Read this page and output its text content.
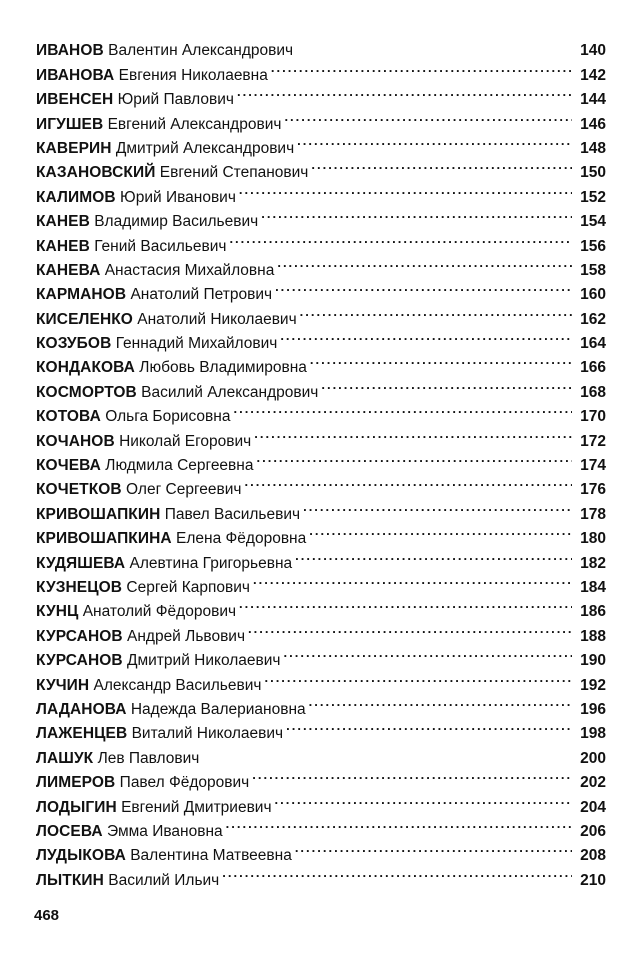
ИВАНОВ Валентин Александрович	140
ИВАНОВА Евгения Николаевна .....	142
ИВЕНСЕН Юрий Павлович .....	144
ИГУШЕВ Евгений Александрович .....	146
КАВЕРИН Дмитрий Александрович .....	148
КАЗАНОВСКИЙ Евгений Степанович .....	150
КАЛИМОВ Юрий Иванович .....	152
КАНЕВ Владимир Васильевич .....	154
КАНЕВ Гений Васильевич .....	156
КАНЕВА Анастасия Михайловна .....	158
КАРМАНОВ Анатолий Петрович .....	160
КИСЕЛЕНКО Анатолий Николаевич .....	162
КОЗУБОВ Геннадий Михайлович .....	164
КОНДАКОВА Любовь Владимировна .....	166
КОСМОРТОВ Василий Александрович .....	168
КОТОВА Ольга Борисовна .....	170
КОЧАНОВ Николай Егорович .....	172
КОЧЕВА Людмила Сергеевна .....	174
КОЧЕТКОВ Олег Сергеевич .....	176
КРИВОШАПКИН Павел Васильевич .....	178
КРИВОШАПКИНА Елена Фёдоровна .....	180
КУДЯШЕВА Алевтина Григорьевна .....	182
КУЗНЕЦОВ Сергей Карпович .....	184
КУНЦ Анатолий Фёдорович .....	186
КУРСАНОВ Андрей Львович .....	188
КУРСАНОВ Дмитрий Николаевич .....	190
КУЧИН Александр Васильевич .....	192
ЛАДАНОВА Надежда Валериановна .....	196
ЛАЖЕНЦЕВ Виталий Николаевич .....	198
ЛАШУК Лев Павлович	200
ЛИМЕРОВ Павел Фёдорович .....	202
ЛОДЫГИН Евгений Дмитриевич .....	204
ЛОСЕВА Эмма Ивановна .....	206
ЛУДЫКОВА Валентина Матвеевна .....	208
ЛЫТКИН Василий Ильич .....	210
468
